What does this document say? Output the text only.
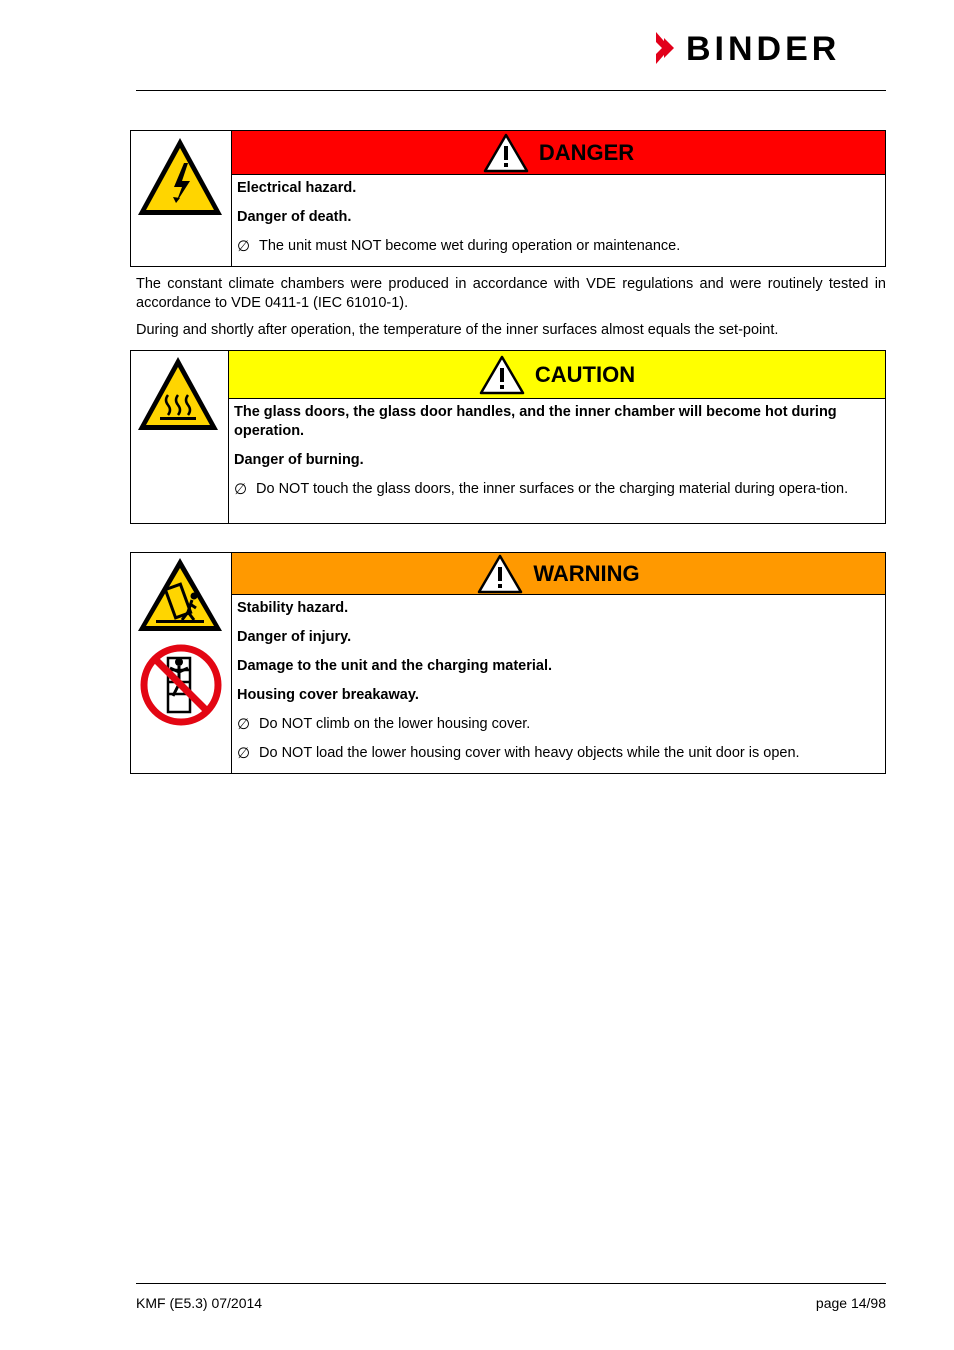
BINDER
DANGER

Electrical hazard.

Danger of death.

∅ The unit must NOT become wet during operation or maintenance.

The constant climate chambers were produced in accordance with VDE regulations and were routinely tested in accordance to VDE 0411-1 (IEC 61010-1).

During and shortly after operation, the temperature of the inner surfaces almost equals the set-point.

CAUTION

The glass doors, the glass door handles, and the inner chamber will become hot during operation.

Danger of burning.

∅ Do NOT touch the glass doors, the inner surfaces or the charging material during opera-tion.
WARNING

Stability hazard.

Danger of injury.

Damage to the unit and the charging material.

Housing cover breakaway.

∅ Do NOT climb on the lower housing cover.
∅ Do NOT load the lower housing cover with heavy objects while the unit door is open.
KMF (E5.3) 07/2014	page 14/98
